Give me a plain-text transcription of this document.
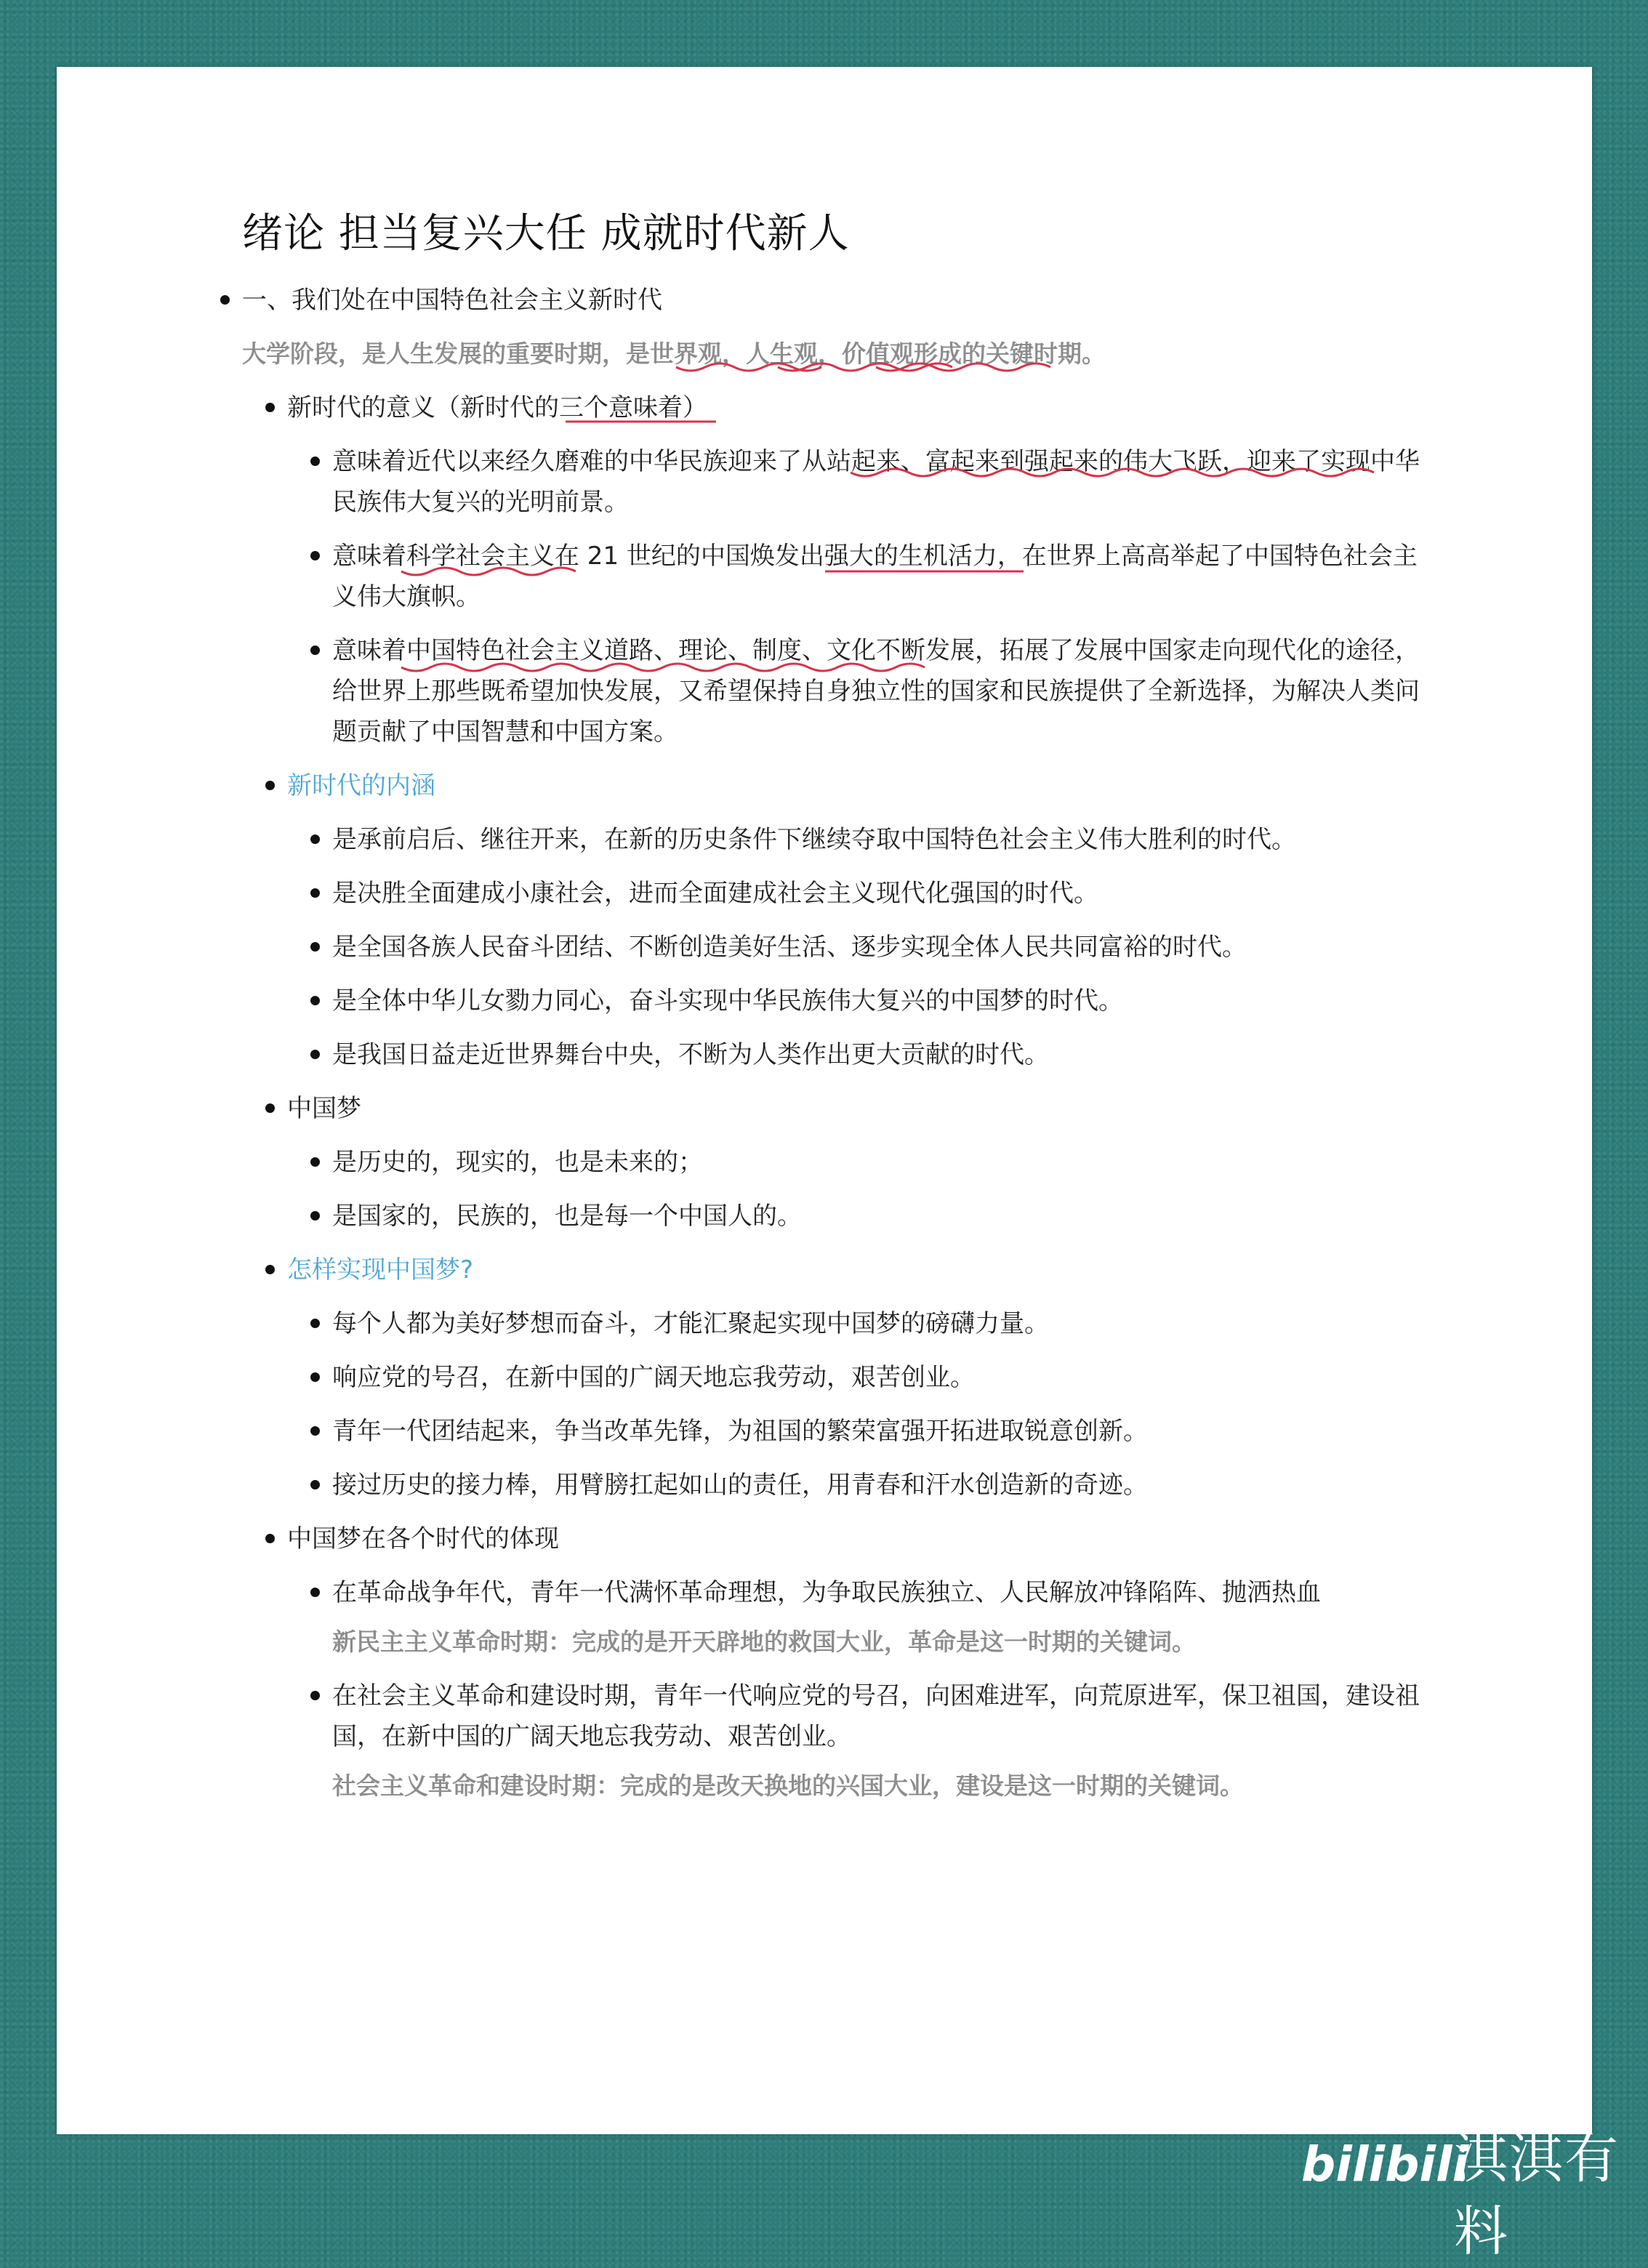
绪论 担当复兴大任 成就时代新人
一、我们处在中国特色社会主义新时代
大学阶段，是人生发展的重要时期，是世界观，人生观，价值观形成的关键时期。
新时代的意义（新时代的三个意味着）
意味着近代以来经久磨难的中华民族迎来了从站起来、富起来到强起来的伟大飞跃，迎来了实现中华民族伟大复兴的光明前景。
意味着科学社会主义在 21 世纪的中国焕发出强大的生机活力，在世界上高高举起了中国特色社会主义伟大旗帜。
意味着中国特色社会主义道路、理论、制度、文化不断发展，拓展了发展中国家走向现代化的途径，给世界上那些既希望加快发展，又希望保持自身独立性的国家和民族提供了全新选择，为解决人类问题贡献了中国智慧和中国方案。
新时代的内涵
是承前启后、继往开来，在新的历史条件下继续夺取中国特色社会主义伟大胜利的时代。
是决胜全面建成小康社会，进而全面建成社会主义现代化强国的时代。
是全国各族人民奋斗团结、不断创造美好生活、逐步实现全体人民共同富裕的时代。
是全体中华儿女勠力同心，奋斗实现中华民族伟大复兴的中国梦的时代。
是我国日益走近世界舞台中央，不断为人类作出更大贡献的时代。
中国梦
是历史的，现实的，也是未来的；
是国家的，民族的，也是每一个中国人的。
怎样实现中国梦?
每个人都为美好梦想而奋斗，才能汇聚起实现中国梦的磅礴力量。
响应党的号召，在新中国的广阔天地忘我劳动，艰苦创业。
青年一代团结起来，争当改革先锋，为祖国的繁荣富强开拓进取锐意创新。
接过历史的接力棒，用臂膀扛起如山的责任，用青春和汗水创造新的奇迹。
中国梦在各个时代的体现
在革命战争年代，青年一代满怀革命理想，为争取民族独立、人民解放冲锋陷阵、抛洒热血
新民主主义革命时期：完成的是开天辟地的救国大业，革命是这一时期的关键词。
在社会主义革命和建设时期，青年一代响应党的号召，向困难进军，向荒原进军，保卫祖国，建设祖国，在新中国的广阔天地忘我劳动、艰苦创业。
社会主义革命和建设时期：完成的是改天换地的兴国大业，建设是这一时期的关键词。
bilibili
淇淇有料
